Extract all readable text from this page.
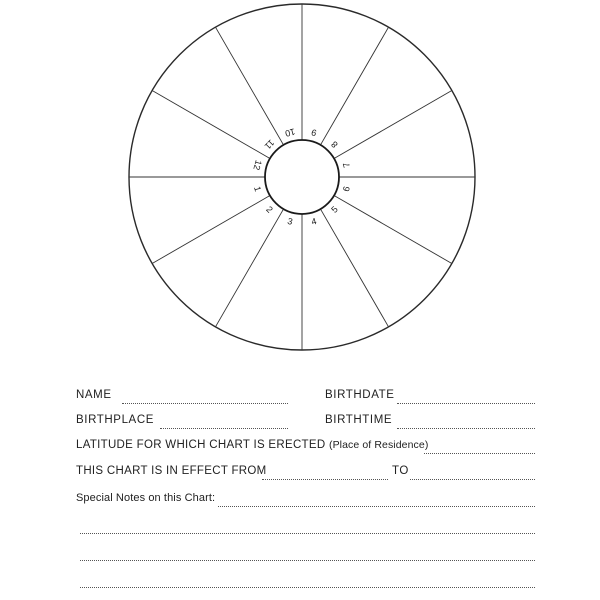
1
2
3 4
5
6
7
8
9
10
11
12
NAME	BIRTHDATE
BIRTHPLACE	BIRTHTIME
LATITUDE FOR WHICH CHART IS ERECTED (Place of Residence)
THIS CHART IS IN EFFECT FROM	TO
Special Notes on this Chart:
